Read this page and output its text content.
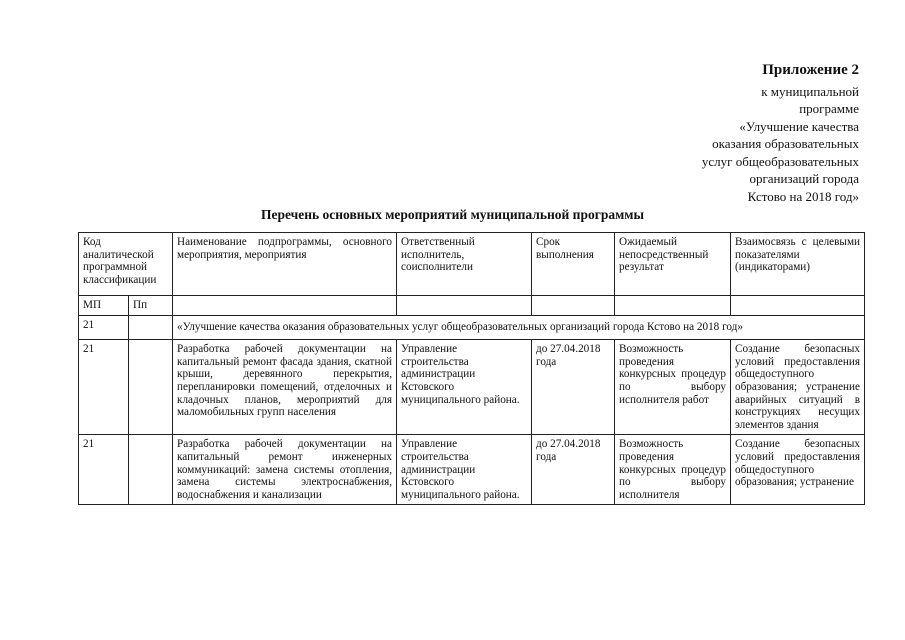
Приложение 2
к муниципальной
программе
«Улучшение качества
оказания образовательных
услуг общеобразовательных
организаций города
Кстово на 2018 год»
Перечень основных мероприятий муниципальной программы
Код аналитической программной классификации		Наименование подпрограммы, основного мероприятия, мероприятия	Ответственный исполнитель, соисполнители	Срок выполнения	Ожидаемый непосредственный результат	Взаимосвязь с целевыми показателями (индикаторами)
МП	Пп					
21		«Улучшение качества оказания образовательных услуг общеобразовательных организаций города Кстово на 2018 год»				
21		Разработка рабочей документации на капитальный ремонт фасада здания, скатной крыши, деревянного перекрытия, перепланировки помещений, отделочных и кладочных планов, мероприятий для маломобильных групп населения	Управление строительства администрации Кстовского муниципального района.	до 27.04.2018 года	Возможность проведения конкурсных процедур по выбору исполнителя работ	Создание безопасных условий предоставления общедоступного образования; устранение аварийных ситуаций в конструкциях несущих элементов здания
21		Разработка рабочей документации на капитальный ремонт инженерных коммуникаций: замена системы отопления, замена системы электроснабжения, водоснабжения и канализации	Управление строительства администрации Кстовского муниципального района.	до 27.04.2018 года	Возможность проведения конкурсных процедур по выбору исполнителя	Создание безопасных условий предоставления общедоступного образования; устранение
